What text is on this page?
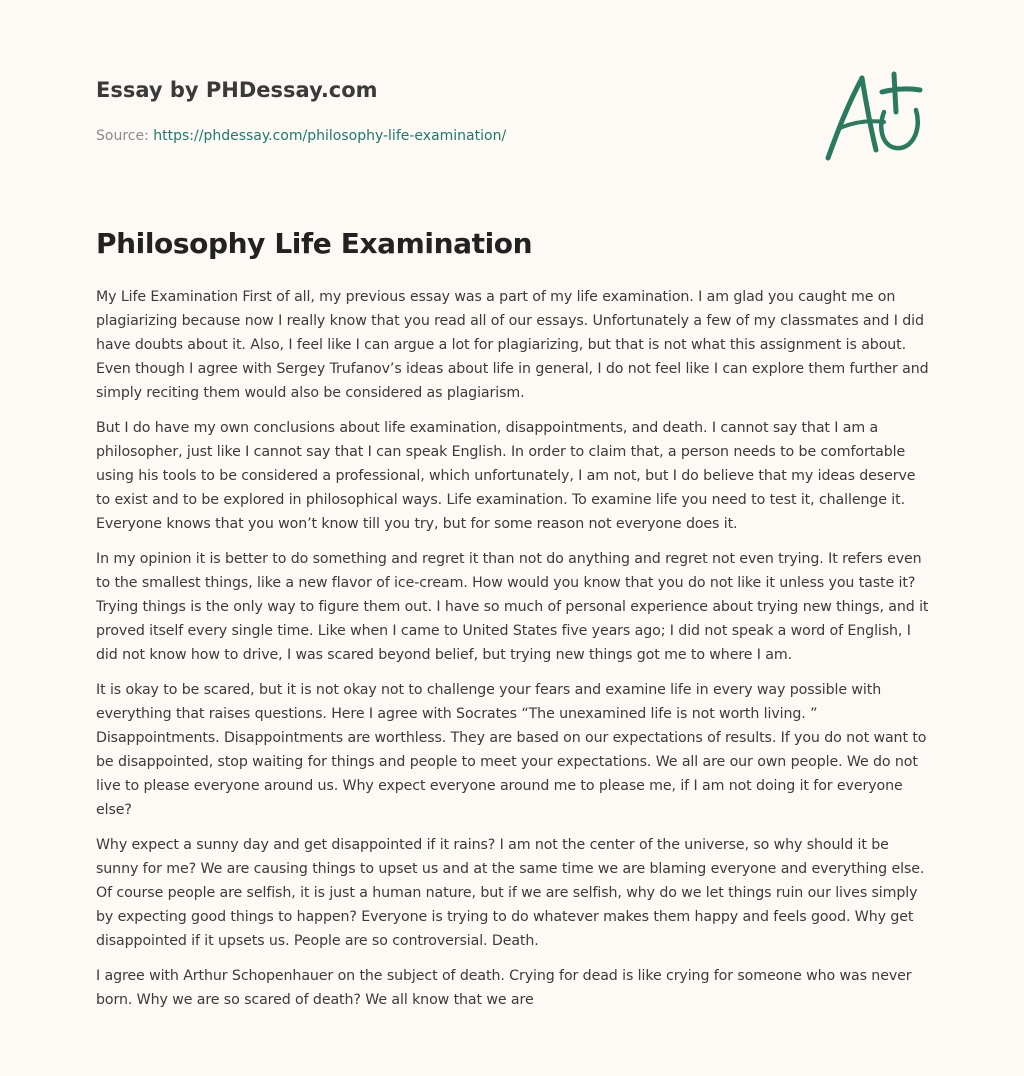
Essay by PHDessay.com
Source: https://phdessay.com/philosophy-life-examination/
Philosophy Life Examination

My Life Examination First of all, my previous essay was a part of my life examination. I am glad you caught me on plagiarizing because now I really know that you read all of our essays. Unfortunately a few of my classmates and I did have doubts about it. Also, I feel like I can argue a lot for plagiarizing, but that is not what this assignment is about. Even though I agree with Sergey Trufanov’s ideas about life in general, I do not feel like I can explore them further and simply reciting them would also be considered as plagiarism.

But I do have my own conclusions about life examination, disappointments, and death. I cannot say that I am a philosopher, just like I cannot say that I can speak English. In order to claim that, a person needs to be comfortable using his tools to be considered a professional, which unfortunately, I am not, but I do believe that my ideas deserve to exist and to be explored in philosophical ways. Life examination. To examine life you need to test it, challenge it. Everyone knows that you won’t know till you try, but for some reason not everyone does it.

In my opinion it is better to do something and regret it than not do anything and regret not even trying. It refers even to the smallest things, like a new flavor of ice-cream. How would you know that you do not like it unless you taste it? Trying things is the only way to figure them out. I have so much of personal experience about trying new things, and it proved itself every single time. Like when I came to United States five years ago; I did not speak a word of English, I did not know how to drive, I was scared beyond belief, but trying new things got me to where I am.

It is okay to be scared, but it is not okay not to challenge your fears and examine life in every way possible with everything that raises questions. Here I agree with Socrates “The unexamined life is not worth living. ” Disappointments. Disappointments are worthless. They are based on our expectations of results. If you do not want to be disappointed, stop waiting for things and people to meet your expectations. We all are our own people. We do not live to please everyone around us. Why expect everyone around me to please me, if I am not doing it for everyone else?

Why expect a sunny day and get disappointed if it rains? I am not the center of the universe, so why should it be sunny for me? We are causing things to upset us and at the same time we are blaming everyone and everything else. Of course people are selfish, it is just a human nature, but if we are selfish, why do we let things ruin our lives simply by expecting good things to happen? Everyone is trying to do whatever makes them happy and feels good. Why get disappointed if it upsets us. People are so controversial. Death.

I agree with Arthur Schopenhauer on the subject of death. Crying for dead is like crying for someone who was never born. Why we are so scared of death? We all know that we are
